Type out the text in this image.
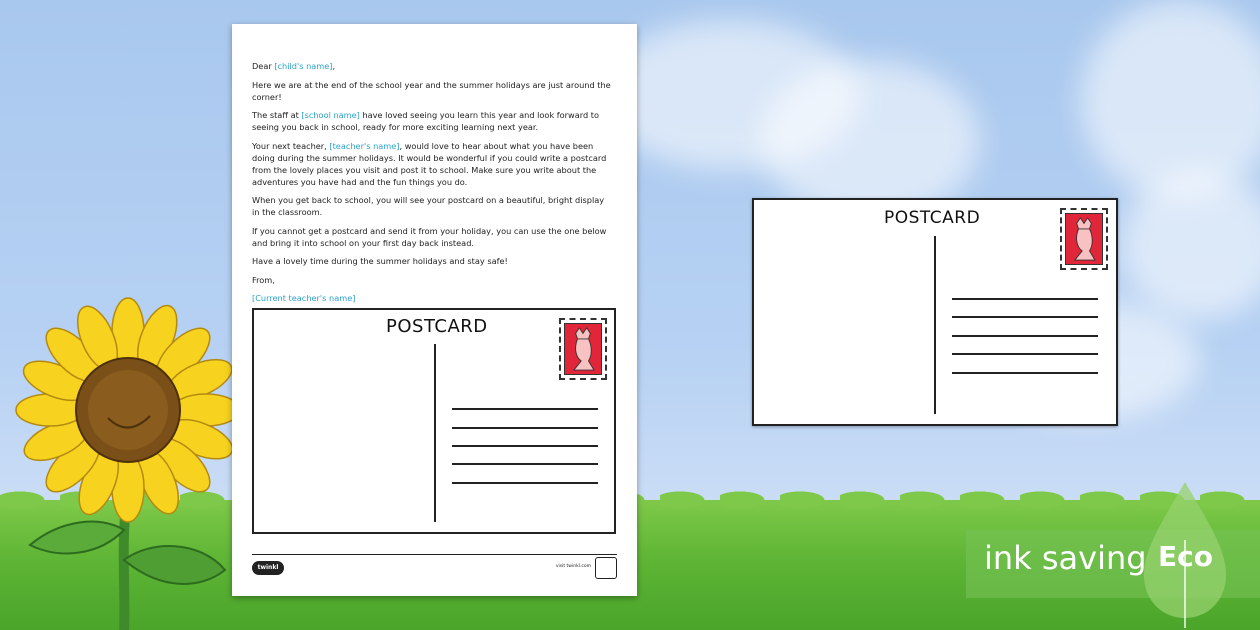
Dear [child's name],

Here we are at the end of the school year and the summer holidays are just around the corner!

The staff at [school name] have loved seeing you learn this year and look forward to seeing you back in school, ready for more exciting learning next year.

Your next teacher, [teacher's name], would love to hear about what you have been doing during the summer holidays. It would be wonderful if you could write a postcard from the lovely places you visit and post it to school. Make sure you write about the adventures you have had and the fun things you do.

When you get back to school, you will see your postcard on a beautiful, bright display in the classroom.

If you cannot get a postcard and send it from your holiday, you can use the one below and bring it into school on your first day back instead.

Have a lovely time during the summer holidays and stay safe!

From,

[Current teacher's name]

POSTCARD
twinkl	visit twinkl.com
POSTCARD
ink saving Eco
